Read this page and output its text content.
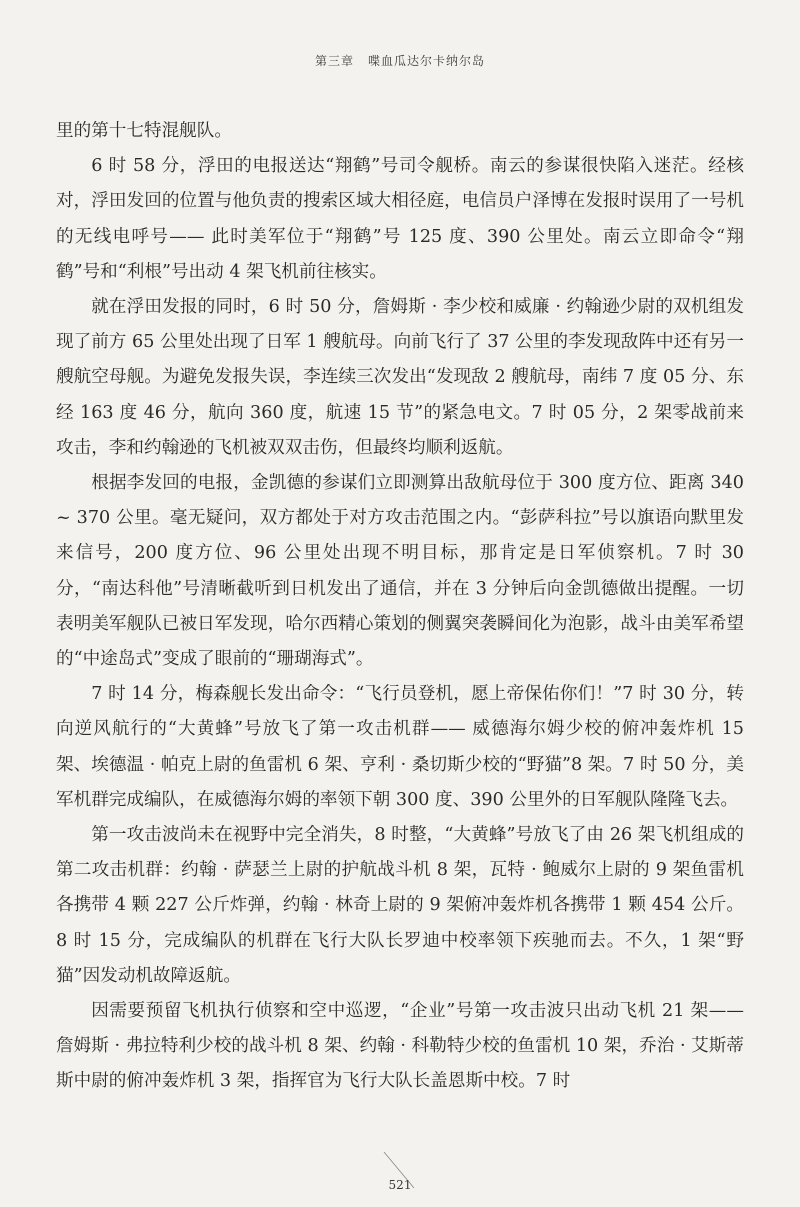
第三章 喋血瓜达尔卡纳尔岛

里的第十七特混舰队。

6 时 58 分，浮田的电报送达“翔鹤”号司令舰桥。南云的参谋很快陷入迷茫。经核对，浮田发回的位置与他负责的搜索区域大相径庭，电信员户泽博在发报时误用了一号机的无线电呼号—— 此时美军位于“翔鹤”号 125 度、390 公里处。南云立即命令“翔鹤”号和“利根”号出动 4 架飞机前往核实。

就在浮田发报的同时，6 时 50 分，詹姆斯 · 李少校和威廉 · 约翰逊少尉的双机组发现了前方 65 公里处出现了日军 1 艘航母。向前飞行了 37 公里的李发现敌阵中还有另一艘航空母舰。为避免发报失误，李连续三次发出“发现敌 2 艘航母，南纬 7 度 05 分、东经 163 度 46 分，航向 360 度，航速 15 节”的紧急电文。7 时 05 分，2 架零战前来攻击，李和约翰逊的飞机被双双击伤，但最终均顺利返航。

根据李发回的电报，金凯德的参谋们立即测算出敌航母位于 300 度方位、距离 340 ~ 370 公里。毫无疑问，双方都处于对方攻击范围之内。“彭萨科拉”号以旗语向默里发来信号，200 度方位、96 公里处出现不明目标，那肯定是日军侦察机。7 时 30 分，“南达科他”号清晰截听到日机发出了通信，并在 3 分钟后向金凯德做出提醒。一切表明美军舰队已被日军发现，哈尔西精心策划的侧翼突袭瞬间化为泡影，战斗由美军希望的“中途岛式”变成了眼前的“珊瑚海式”。

7 时 14 分，梅森舰长发出命令：“飞行员登机，愿上帝保佑你们！”7 时 30 分，转向逆风航行的“大黄蜂”号放飞了第一攻击机群—— 威德海尔姆少校的俯冲轰炸机 15 架、埃德温 · 帕克上尉的鱼雷机 6 架、亨利 · 桑切斯少校的“野猫”8 架。7 时 50 分，美军机群完成编队，在威德海尔姆的率领下朝 300 度、390 公里外的日军舰队隆隆飞去。

第一攻击波尚未在视野中完全消失，8 时整，“大黄蜂”号放飞了由 26 架飞机组成的第二攻击机群：约翰 · 萨瑟兰上尉的护航战斗机 8 架，瓦特 · 鲍威尔上尉的 9 架鱼雷机各携带 4 颗 227 公斤炸弹，约翰 · 林奇上尉的 9 架俯冲轰炸机各携带 1 颗 454 公斤。8 时 15 分，完成编队的机群在飞行大队长罗迪中校率领下疾驰而去。不久，1 架“野猫”因发动机故障返航。

因需要预留飞机执行侦察和空中巡逻，“企业”号第一攻击波只出动飞机 21 架—— 詹姆斯 · 弗拉特利少校的战斗机 8 架、约翰 · 科勒特少校的鱼雷机 10 架，乔治 · 艾斯蒂斯中尉的俯冲轰炸机 3 架，指挥官为飞行大队长盖恩斯中校。7 时

521
